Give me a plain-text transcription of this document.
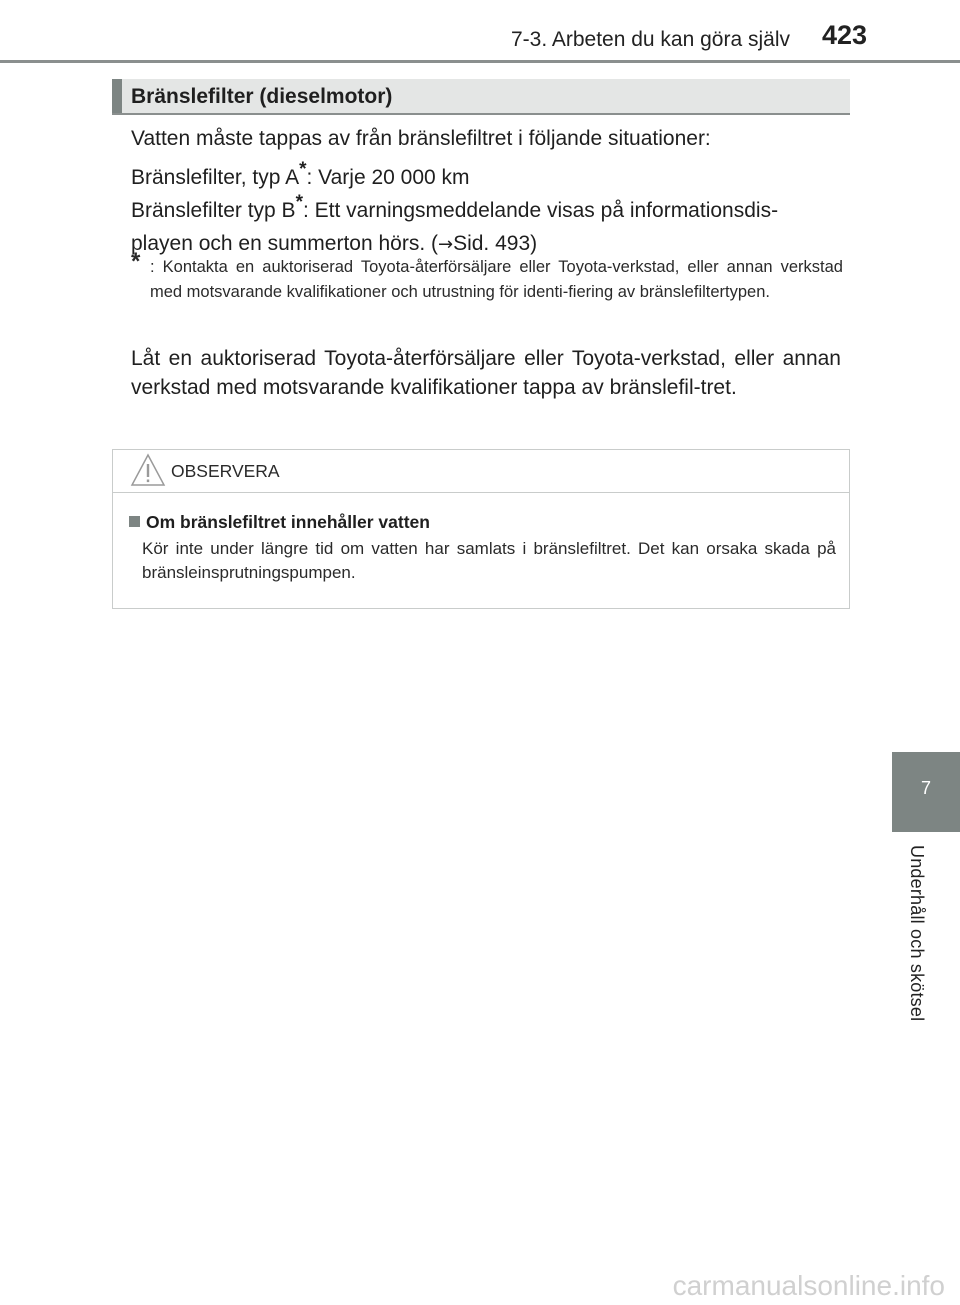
7-3. Arbeten du kan göra själv 423
Bränslefilter (dieselmotor)
Vatten måste tappas av från bränslefiltret i följande situationer:
Bränslefilter, typ A*: Varje 20 000 km
Bränslefilter typ B*: Ett varningsmeddelande visas på informationsdis-
playen och en summerton hörs. (→Sid. 493)
* : Kontakta en auktoriserad Toyota-återförsäljare eller Toyota-verkstad, eller annan verkstad med motsvarande kvalifikationer och utrustning för identi-fiering av bränslefiltertypen.
Låt en auktoriserad Toyota-återförsäljare eller Toyota-verkstad, eller annan verkstad med motsvarande kvalifikationer tappa av bränslefil-tret.
OBSERVERA
Om bränslefiltret innehåller vatten
Kör inte under längre tid om vatten har samlats i bränslefiltret. Det kan orsaka skada på bränsleinsprutningspumpen.
7
Underhåll och skötsel
carmanualsonline.info
